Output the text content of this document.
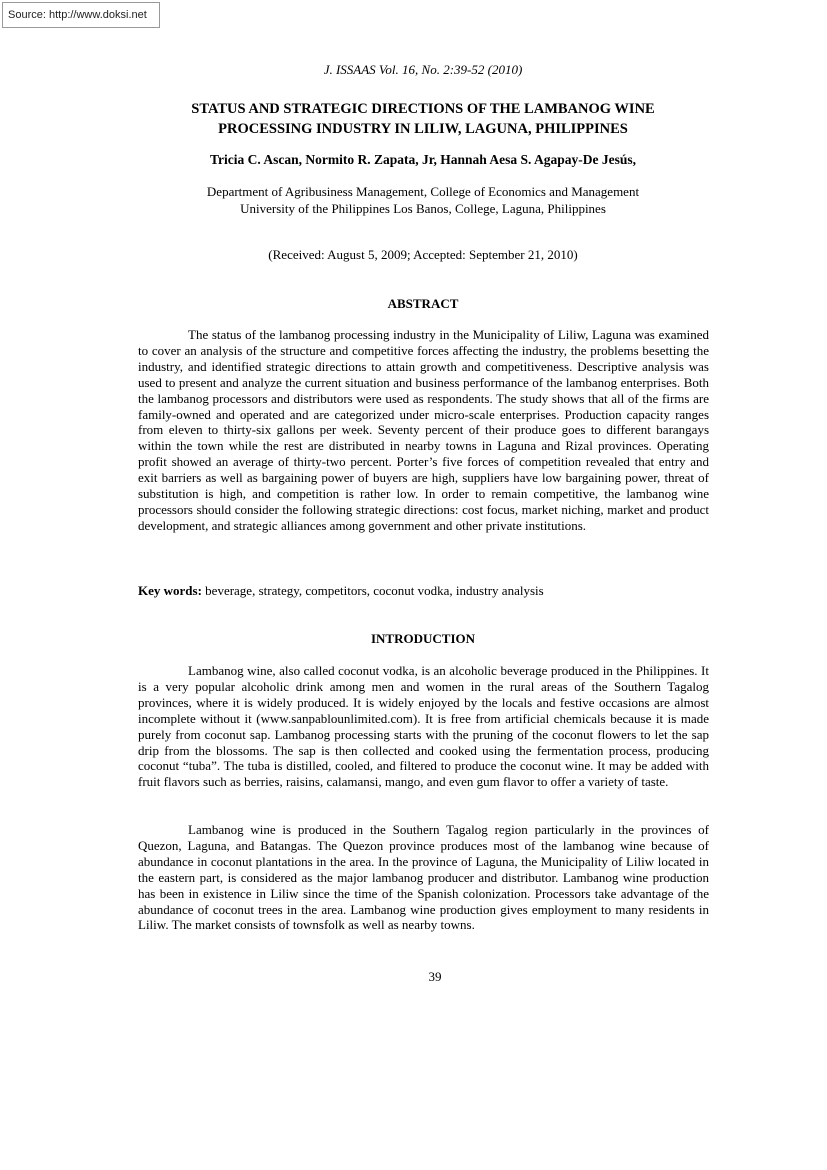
Source: http://www.doksi.net
J. ISSAAS Vol. 16, No. 2:39-52 (2010)
STATUS AND STRATEGIC DIRECTIONS OF THE LAMBANOG WINE
PROCESSING INDUSTRY IN LILIW, LAGUNA, PHILIPPINES
Tricia C. Ascan, Normito R. Zapata, Jr, Hannah Aesa S. Agapay-De Jesús,
Department of Agribusiness Management, College of Economics and Management
University of the Philippines Los Banos, College, Laguna, Philippines
(Received: August 5, 2009; Accepted: September 21, 2010)
ABSTRACT

The status of the lambanog processing industry in the Municipality of Liliw, Laguna was examined to cover an analysis of the structure and competitive forces affecting the industry, the problems besetting the industry, and identified strategic directions to attain growth and competitiveness. Descriptive analysis was used to present and analyze the current situation and business performance of the lambanog enterprises. Both the lambanog processors and distributors were used as respondents. The study shows that all of the firms are family-owned and operated and are categorized under micro-scale enterprises. Production capacity ranges from eleven to thirty-six gallons per week. Seventy percent of their produce goes to different barangays within the town while the rest are distributed in nearby towns in Laguna and Rizal provinces. Operating profit showed an average of thirty-two percent. Porter’s five forces of competition revealed that entry and exit barriers as well as bargaining power of buyers are high, suppliers have low bargaining power, threat of substitution is high, and competition is rather low. In order to remain competitive, the lambanog wine processors should consider the following strategic directions: cost focus, market niching, market and product development, and strategic alliances among government and other private institutions.

Key words: beverage, strategy, competitors, coconut vodka, industry analysis

INTRODUCTION

Lambanog wine, also called coconut vodka, is an alcoholic beverage produced in the Philippines. It is a very popular alcoholic drink among men and women in the rural areas of the Southern Tagalog provinces, where it is widely produced. It is widely enjoyed by the locals and festive occasions are almost incomplete without it (www.sanpablounlimited.com). It is free from artificial chemicals because it is made purely from coconut sap. Lambanog processing starts with the pruning of the coconut flowers to let the sap drip from the blossoms. The sap is then collected and cooked using the fermentation process, producing coconut “tuba”. The tuba is distilled, cooled, and filtered to produce the coconut wine. It may be added with fruit flavors such as berries, raisins, calamansi, mango, and even gum flavor to offer a variety of taste.

Lambanog wine is produced in the Southern Tagalog region particularly in the provinces of Quezon, Laguna, and Batangas. The Quezon province produces most of the lambanog wine because of abundance in coconut plantations in the area. In the province of Laguna, the Municipality of Liliw located in the eastern part, is considered as the major lambanog producer and distributor. Lambanog wine production has been in existence in Liliw since the time of the Spanish colonization. Processors take advantage of the abundance of coconut trees in the area. Lambanog wine production gives employment to many residents in Liliw. The market consists of townsfolk as well as nearby towns.

39
